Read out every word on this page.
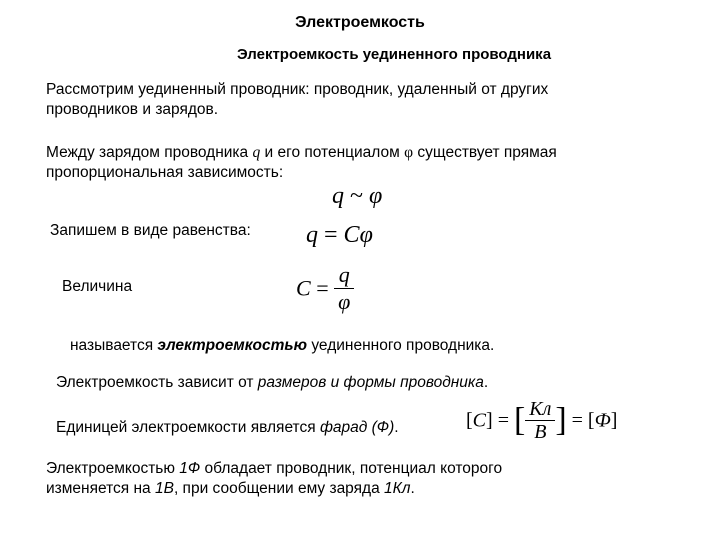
Электроемкость
Электроемкость уединенного проводника
Рассмотрим уединенный проводник: проводник, удаленный от других
проводников и зарядов.
Между зарядом проводника q и его потенциалом φ существует прямая
пропорциональная зависимость:
q ~ φ
Запишем в виде равенства: q = Cφ
Величина	$C = \frac{q}{\varphi}$
называется электроемкостью уединенного проводника.
Электроемкость зависит от размеров и формы проводника.
Единицей электроемкости является фарад (Ф).	[C] = [ $\frac{Кл}{В}$ ] = [Ф]
Электроемкостью 1Ф обладает проводник, потенциал которого
изменяется на 1В, при сообщении ему заряда 1Кл.
